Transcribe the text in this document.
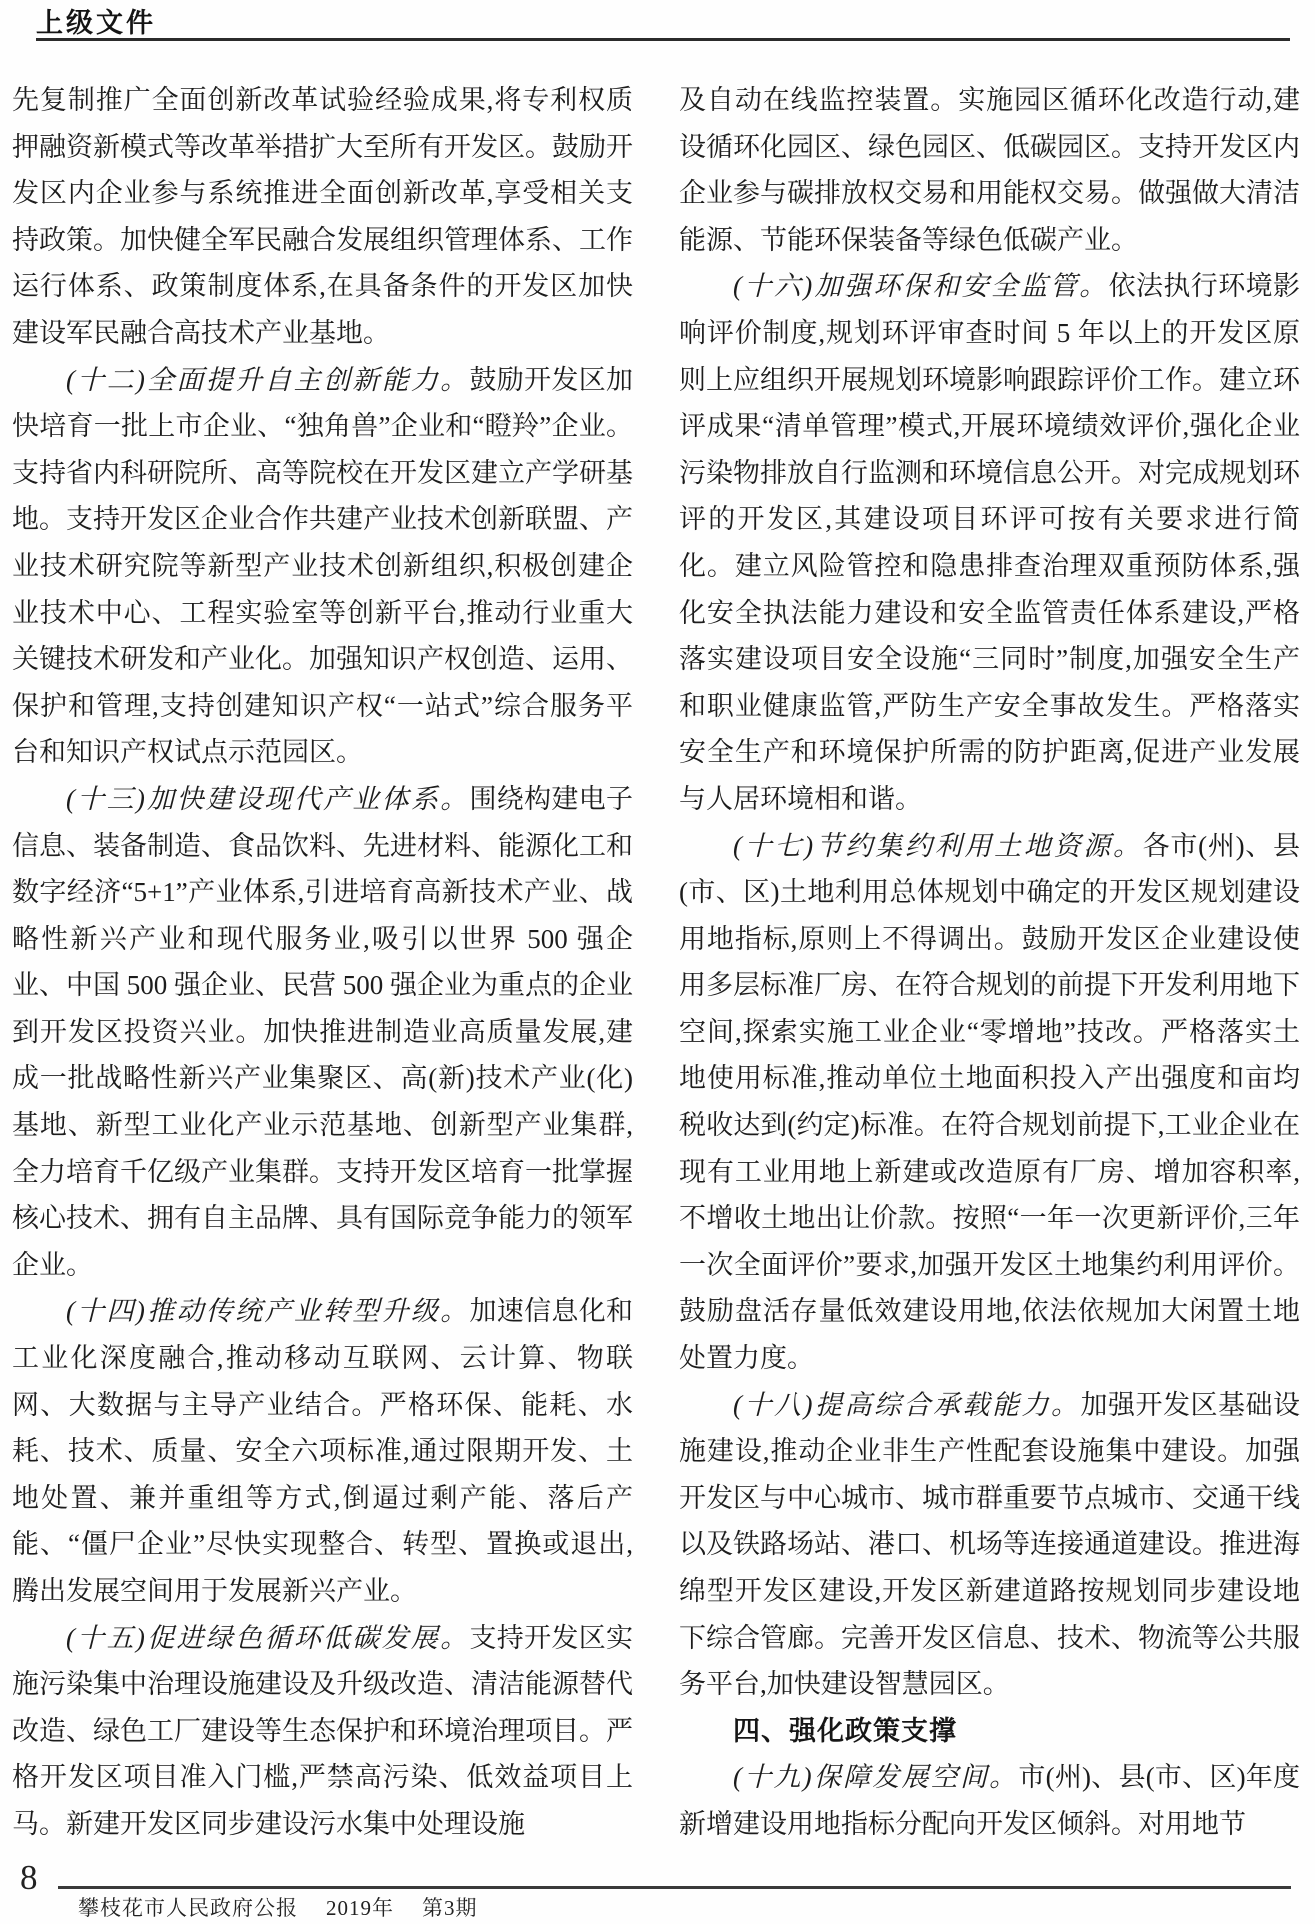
上级文件

先复制推广全面创新改革试验经验成果,将专利权质押融资新模式等改革举措扩大至所有开发区。鼓励开发区内企业参与系统推进全面创新改革,享受相关支持政策。加快健全军民融合发展组织管理体系、工作运行体系、政策制度体系,在具备条件的开发区加快建设军民融合高技术产业基地。

(十二)全面提升自主创新能力。鼓励开发区加快培育一批上市企业、“独角兽”企业和“瞪羚”企业。支持省内科研院所、高等院校在开发区建立产学研基地。支持开发区企业合作共建产业技术创新联盟、产业技术研究院等新型产业技术创新组织,积极创建企业技术中心、工程实验室等创新平台,推动行业重大关键技术研发和产业化。加强知识产权创造、运用、保护和管理,支持创建知识产权“一站式”综合服务平台和知识产权试点示范园区。

(十三)加快建设现代产业体系。围绕构建电子信息、装备制造、食品饮料、先进材料、能源化工和数字经济“5+1”产业体系,引进培育高新技术产业、战略性新兴产业和现代服务业,吸引以世界 500 强企业、中国 500 强企业、民营 500 强企业为重点的企业到开发区投资兴业。加快推进制造业高质量发展,建成一批战略性新兴产业集聚区、高(新)技术产业(化)基地、新型工业化产业示范基地、创新型产业集群,全力培育千亿级产业集群。支持开发区培育一批掌握核心技术、拥有自主品牌、具有国际竞争能力的领军企业。

(十四)推动传统产业转型升级。加速信息化和工业化深度融合,推动移动互联网、云计算、物联网、大数据与主导产业结合。严格环保、能耗、水耗、技术、质量、安全六项标准,通过限期开发、土地处置、兼并重组等方式,倒逼过剩产能、落后产能、“僵尸企业”尽快实现整合、转型、置换或退出,腾出发展空间用于发展新兴产业。

(十五)促进绿色循环低碳发展。支持开发区实施污染集中治理设施建设及升级改造、清洁能源替代改造、绿色工厂建设等生态保护和环境治理项目。严格开发区项目准入门槛,严禁高污染、低效益项目上马。新建开发区同步建设污水集中处理设施

及自动在线监控装置。实施园区循环化改造行动,建设循环化园区、绿色园区、低碳园区。支持开发区内企业参与碳排放权交易和用能权交易。做强做大清洁能源、节能环保装备等绿色低碳产业。

(十六)加强环保和安全监管。依法执行环境影响评价制度,规划环评审查时间 5 年以上的开发区原则上应组织开展规划环境影响跟踪评价工作。建立环评成果“清单管理”模式,开展环境绩效评价,强化企业污染物排放自行监测和环境信息公开。对完成规划环评的开发区,其建设项目环评可按有关要求进行简化。建立风险管控和隐患排查治理双重预防体系,强化安全执法能力建设和安全监管责任体系建设,严格落实建设项目安全设施“三同时”制度,加强安全生产和职业健康监管,严防生产安全事故发生。严格落实安全生产和环境保护所需的防护距离,促进产业发展与人居环境相和谐。

(十七)节约集约利用土地资源。各市(州)、县(市、区)土地利用总体规划中确定的开发区规划建设用地指标,原则上不得调出。鼓励开发区企业建设使用多层标准厂房、在符合规划的前提下开发利用地下空间,探索实施工业企业“零增地”技改。严格落实土地使用标准,推动单位土地面积投入产出强度和亩均税收达到(约定)标准。在符合规划前提下,工业企业在现有工业用地上新建或改造原有厂房、增加容积率,不增收土地出让价款。按照“一年一次更新评价,三年一次全面评价”要求,加强开发区土地集约利用评价。鼓励盘活存量低效建设用地,依法依规加大闲置土地处置力度。

(十八)提高综合承载能力。加强开发区基础设施建设,推动企业非生产性配套设施集中建设。加强开发区与中心城市、城市群重要节点城市、交通干线以及铁路场站、港口、机场等连接通道建设。推进海绵型开发区建设,开发区新建道路按规划同步建设地下综合管廊。完善开发区信息、技术、物流等公共服务平台,加快建设智慧园区。

四、强化政策支撑

(十九)保障发展空间。市(州)、县(市、区)年度新增建设用地指标分配向开发区倾斜。对用地节

8
攀枝花市人民政府公报 2019年 第3期
